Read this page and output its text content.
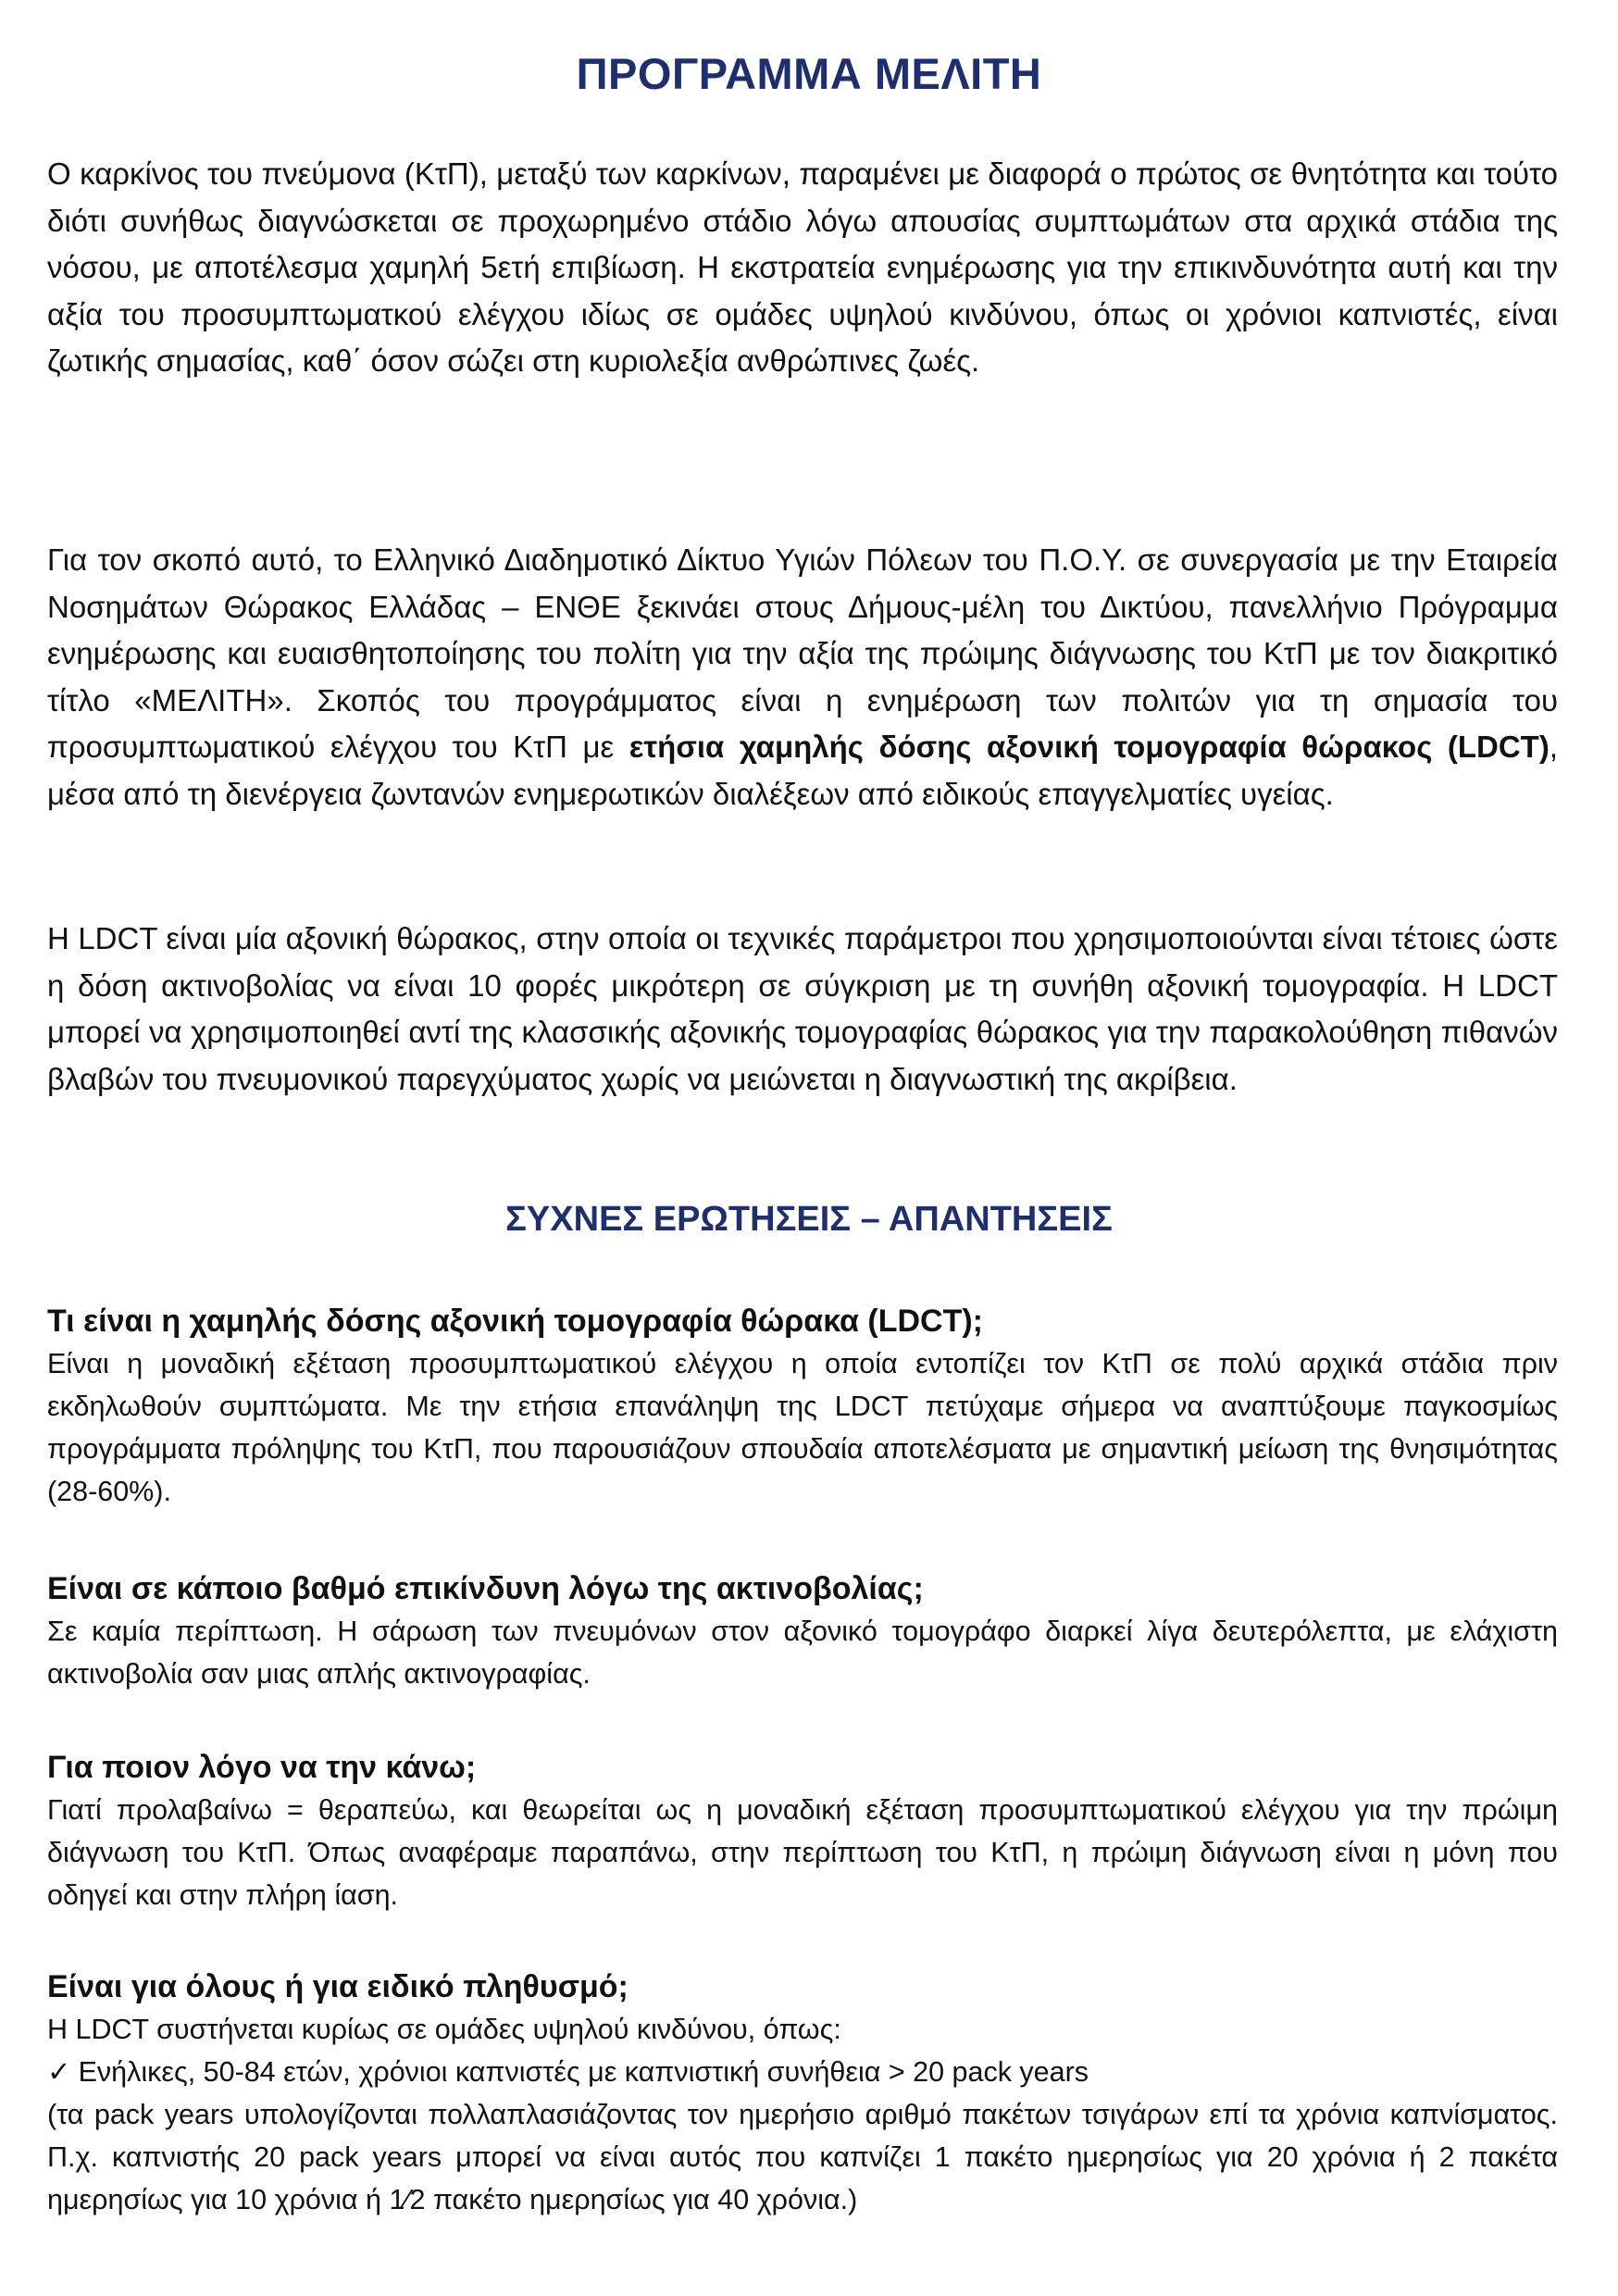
ΠΡΟΓΡΑΜΜΑ ΜΕΛΙΤΗ

Ο καρκίνος του πνεύμονα (ΚτΠ), μεταξύ των καρκίνων, παραμένει με διαφορά ο πρώτος σε θνητότητα και τούτο διότι συνήθως διαγνώσκεται σε προχωρημένο στάδιο λόγω απουσίας συμπτωμάτων στα αρχικά στάδια της νόσου, με αποτέλεσμα χαμηλή 5ετή επιβίωση. Η εκστρατεία ενημέρωσης για την επικινδυνότητα αυτή και την αξία του προσυμπτωματκού ελέγχου ιδίως σε ομάδες υψηλού κινδύνου, όπως οι χρόνιοι καπνιστές, είναι ζωτικής σημασίας, καθ΄ όσον σώζει στη κυριολεξία ανθρώπινες ζωές.

Για τον σκοπό αυτό, το Ελληνικό Διαδημοτικό Δίκτυο Υγιών Πόλεων του Π.Ο.Υ. σε συνεργασία με την Εταιρεία Νοσημάτων Θώρακος Ελλάδας – ΕΝΘΕ ξεκινάει στους Δήμους-μέλη του Δικτύου, πανελλήνιο Πρόγραμμα ενημέρωσης και ευαισθητοποίησης του πολίτη για την αξία της πρώιμης διάγνωσης του ΚτΠ με τον διακριτικό τίτλο «ΜΕΛΙΤΗ». Σκοπός του προγράμματος είναι η ενημέρωση των πολιτών για τη σημασία του προσυμπτωματικού ελέγχου του ΚτΠ με ετήσια χαμηλής δόσης αξονική τομογραφία θώρακος (LDCT), μέσα από τη διενέργεια ζωντανών ενημερωτικών διαλέξεων από ειδικούς επαγγελματίες υγείας.

Η LDCT είναι μία αξονική θώρακος, στην οποία οι τεχνικές παράμετροι που χρησιμοποιούνται είναι τέτοιες ώστε η δόση ακτινοβολίας να είναι 10 φορές μικρότερη σε σύγκριση με τη συνήθη αξονική τομογραφία. Η LDCT μπορεί να χρησιμοποιηθεί αντί της κλασσικής αξονικής τομογραφίας θώρακος για την παρακολούθηση πιθανών βλαβών του πνευμονικού παρεγχύματος χωρίς να μειώνεται η διαγνωστική της ακρίβεια.

ΣΥΧΝΕΣ ΕΡΩΤΗΣΕΙΣ – ΑΠΑΝΤΗΣΕΙΣ

Τι είναι η χαμηλής δόσης αξονική τομογραφία θώρακα (LDCT);

Είναι η μοναδική εξέταση προσυμπτωματικού ελέγχου η οποία εντοπίζει τον ΚτΠ σε πολύ αρχικά στάδια πριν εκδηλωθούν συμπτώματα. Με την ετήσια επανάληψη της LDCT πετύχαμε σήμερα να αναπτύξουμε παγκοσμίως προγράμματα πρόληψης του ΚτΠ, που παρουσιάζουν σπουδαία αποτελέσματα με σημαντική μείωση της θνησιμότητας (28-60%).

Είναι σε κάποιο βαθμό επικίνδυνη λόγω της ακτινοβολίας;

Σε καμία περίπτωση. Η σάρωση των πνευμόνων στον αξονικό τομογράφο διαρκεί λίγα δευτερόλεπτα, με ελάχιστη ακτινοβολία σαν μιας απλής ακτινογραφίας.

Για ποιον λόγο να την κάνω;

Γιατί προλαβαίνω = θεραπεύω, και θεωρείται ως η μοναδική εξέταση προσυμπτωματικού ελέγχου για την πρώιμη διάγνωση του ΚτΠ. Όπως αναφέραμε παραπάνω, στην περίπτωση του ΚτΠ, η πρώιμη διάγνωση είναι η μόνη που οδηγεί και στην πλήρη ίαση.

Είναι για όλους ή για ειδικό πληθυσμό;

Η LDCT συστήνεται κυρίως σε ομάδες υψηλού κινδύνου, όπως:

✓ Ενήλικες, 50-84 ετών, χρόνιοι καπνιστές με καπνιστική συνήθεια > 20 pack years

(τα pack years υπολογίζονται πολλαπλασιάζοντας τον ημερήσιο αριθμό πακέτων τσιγάρων επί τα χρόνια καπνίσματος. Π.χ. καπνιστής 20 pack years μπορεί να είναι αυτός που καπνίζει 1 πακέτο ημερησίως για 20 χρόνια ή 2 πακέτα ημερησίως για 10 χρόνια ή 1⁄2 πακέτο ημερησίως για 40 χρόνια.)
